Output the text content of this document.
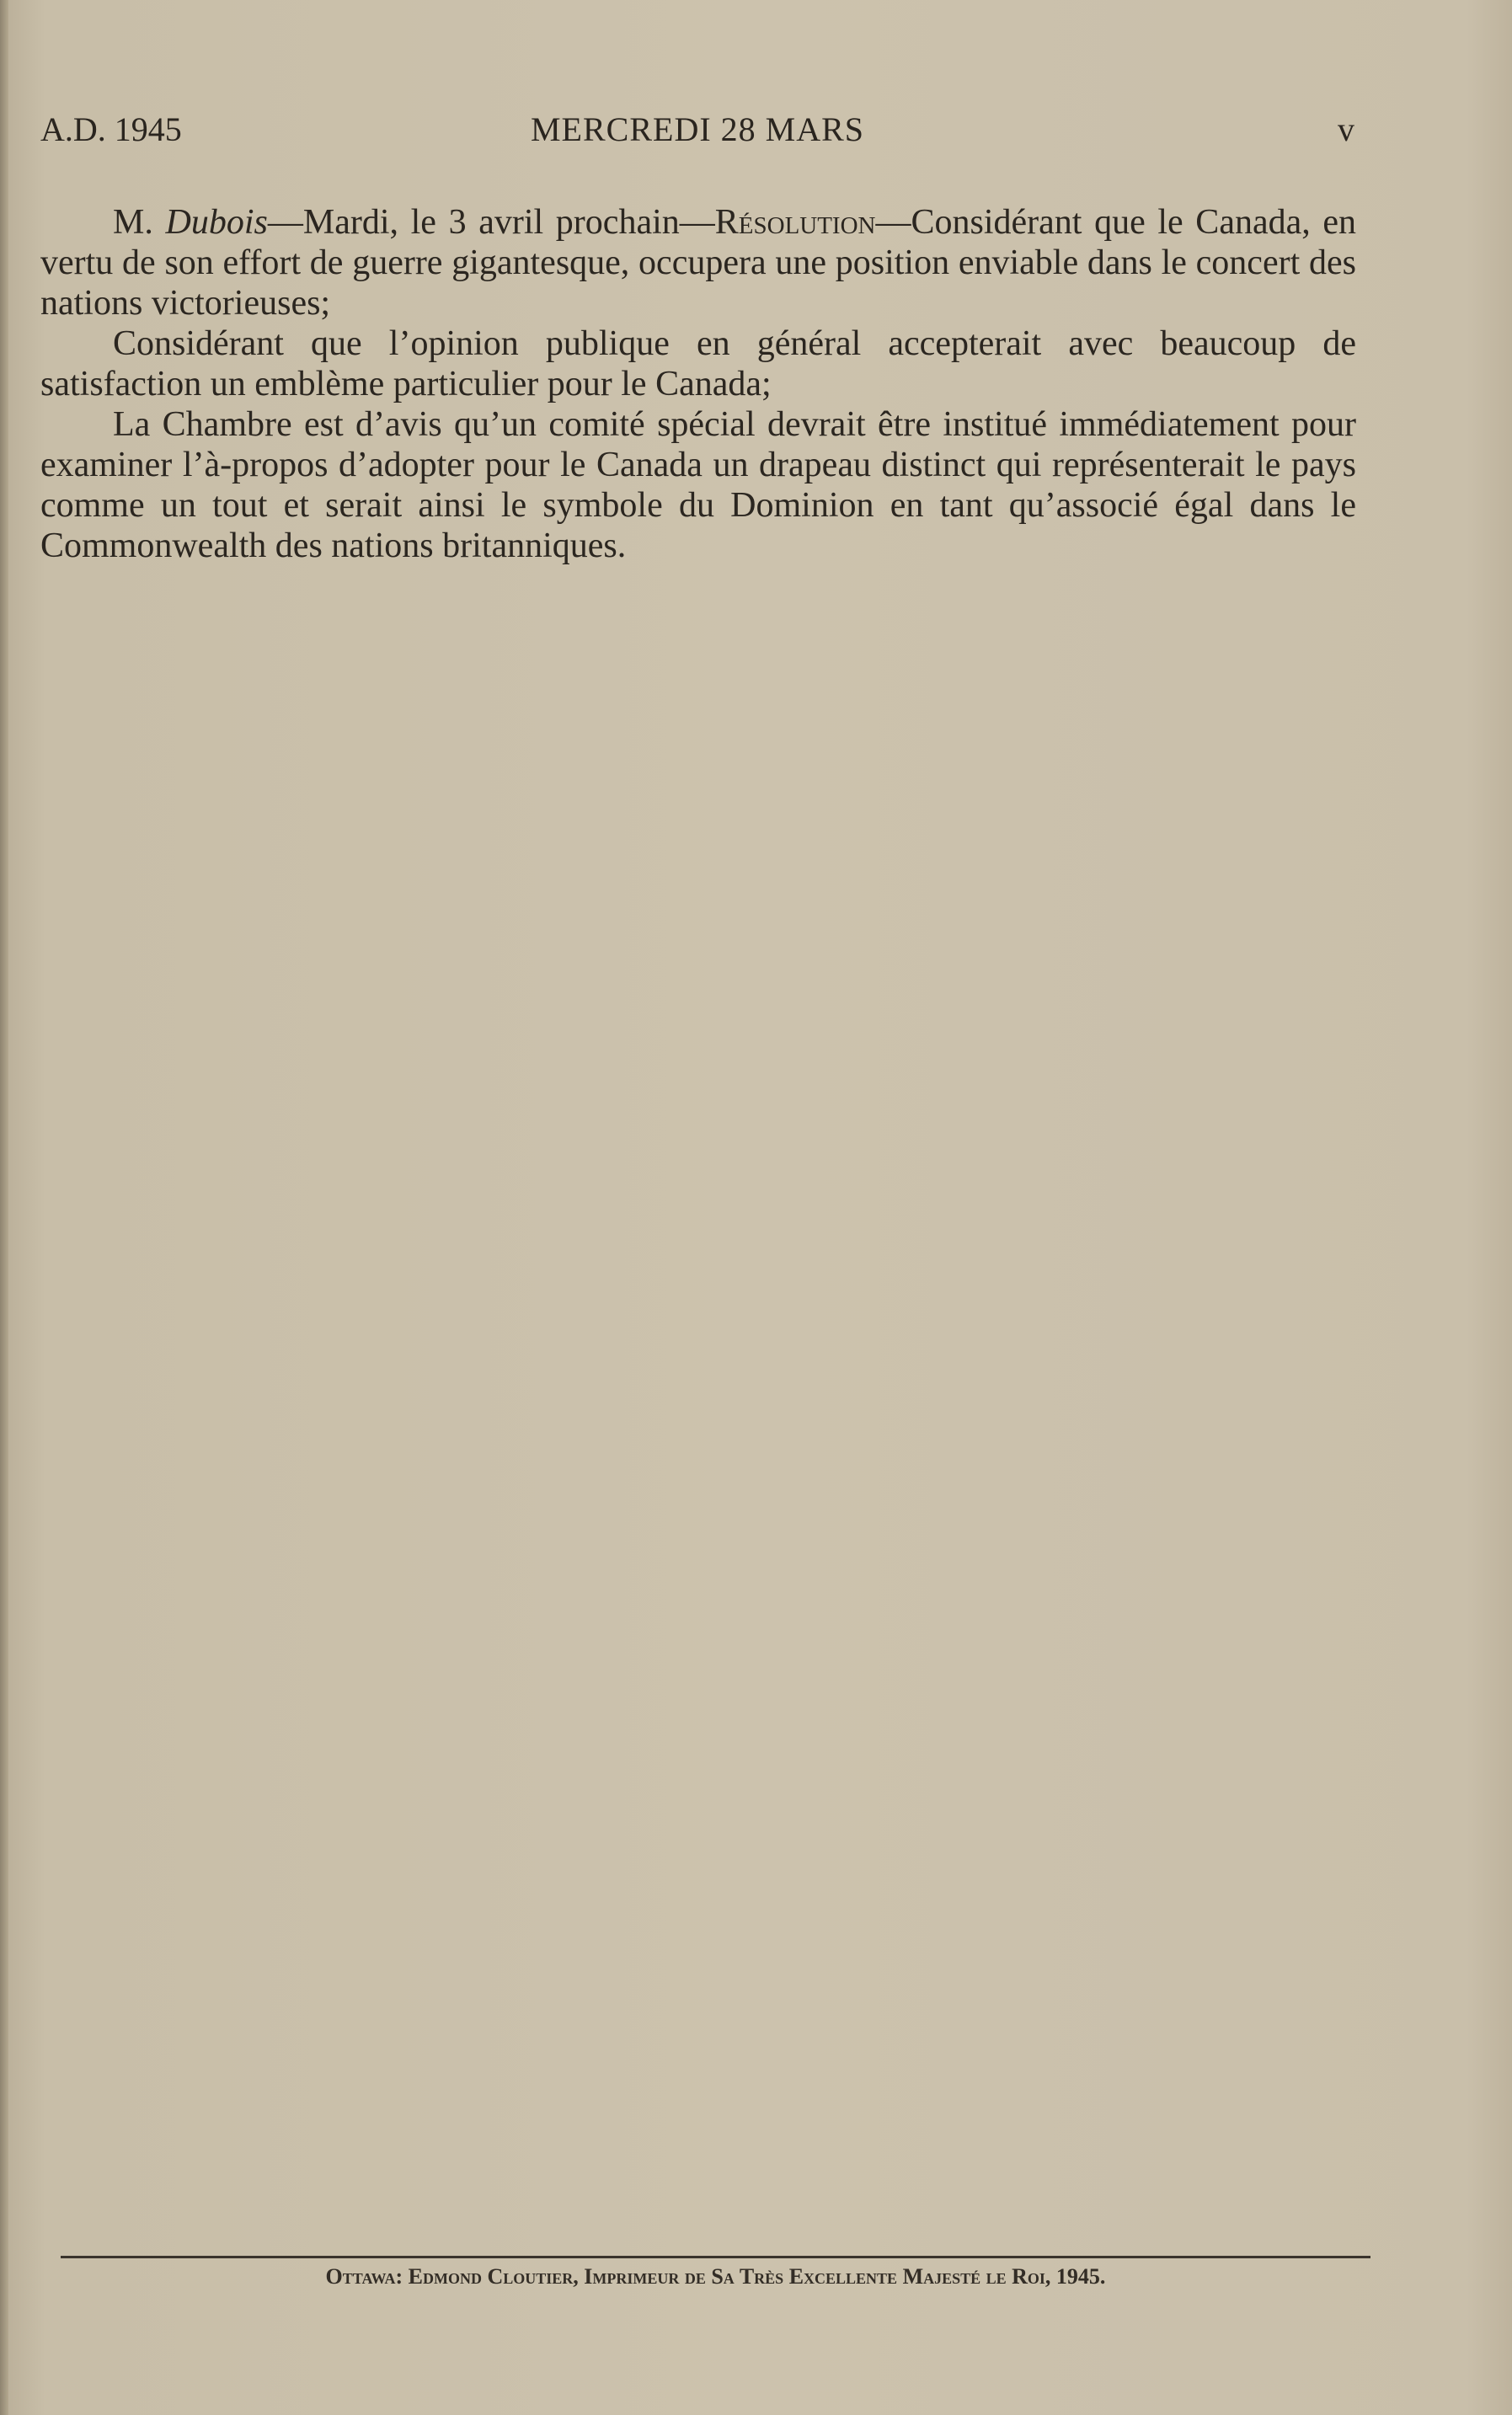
A.D. 1945	MERCREDI 28 MARS	v

M. Dubois—Mardi, le 3 avril prochain—Résolution—Considérant que le Canada, en vertu de son effort de guerre gigantesque, occupera une position enviable dans le concert des nations victorieuses;

Considérant que l’opinion publique en général accepterait avec beaucoup de satisfaction un emblème particulier pour le Canada;

La Chambre est d’avis qu’un comité spécial devrait être institué immédiatement pour examiner l’à-propos d’adopter pour le Canada un drapeau distinct qui représenterait le pays comme un tout et serait ainsi le symbole du Dominion en tant qu’associé égal dans le Commonwealth des nations britanniques.

Ottawa: Edmond Cloutier, Imprimeur de Sa Très Excellente Majesté le Roi, 1945.
